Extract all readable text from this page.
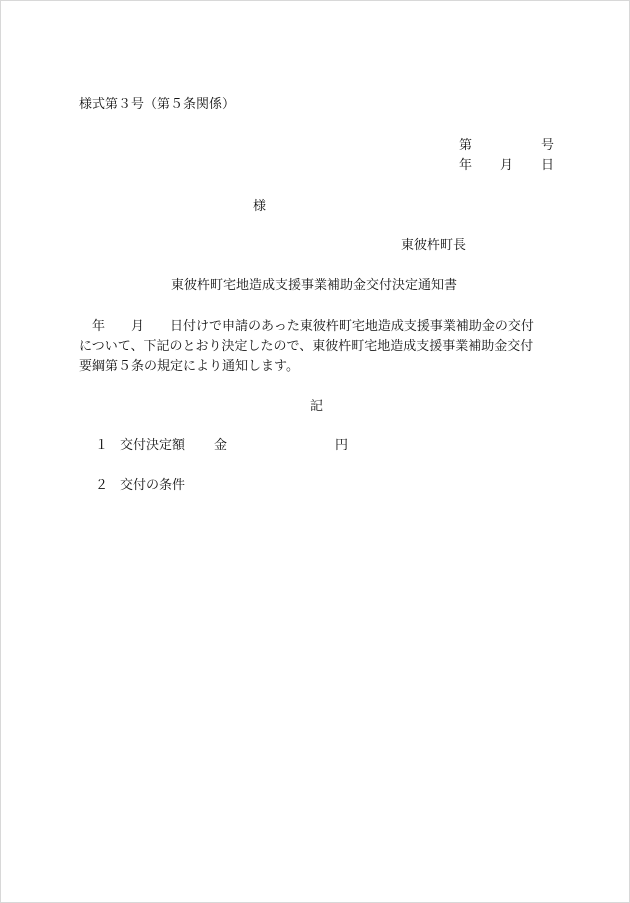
様式第３号（第５条関係）
第	号
年 月 日
様
東彼杵町長
東彼杵町宅地造成支援事業補助金交付決定通知書
　年　　月　　日付けで申請のあった東彼杵町宅地造成支援事業補助金の交付
について、下記のとおり決定したので、東彼杵町宅地造成支援事業補助金交付
要綱第５条の規定により通知します。
記
１ 交付決定額 金	円
２ 交付の条件
